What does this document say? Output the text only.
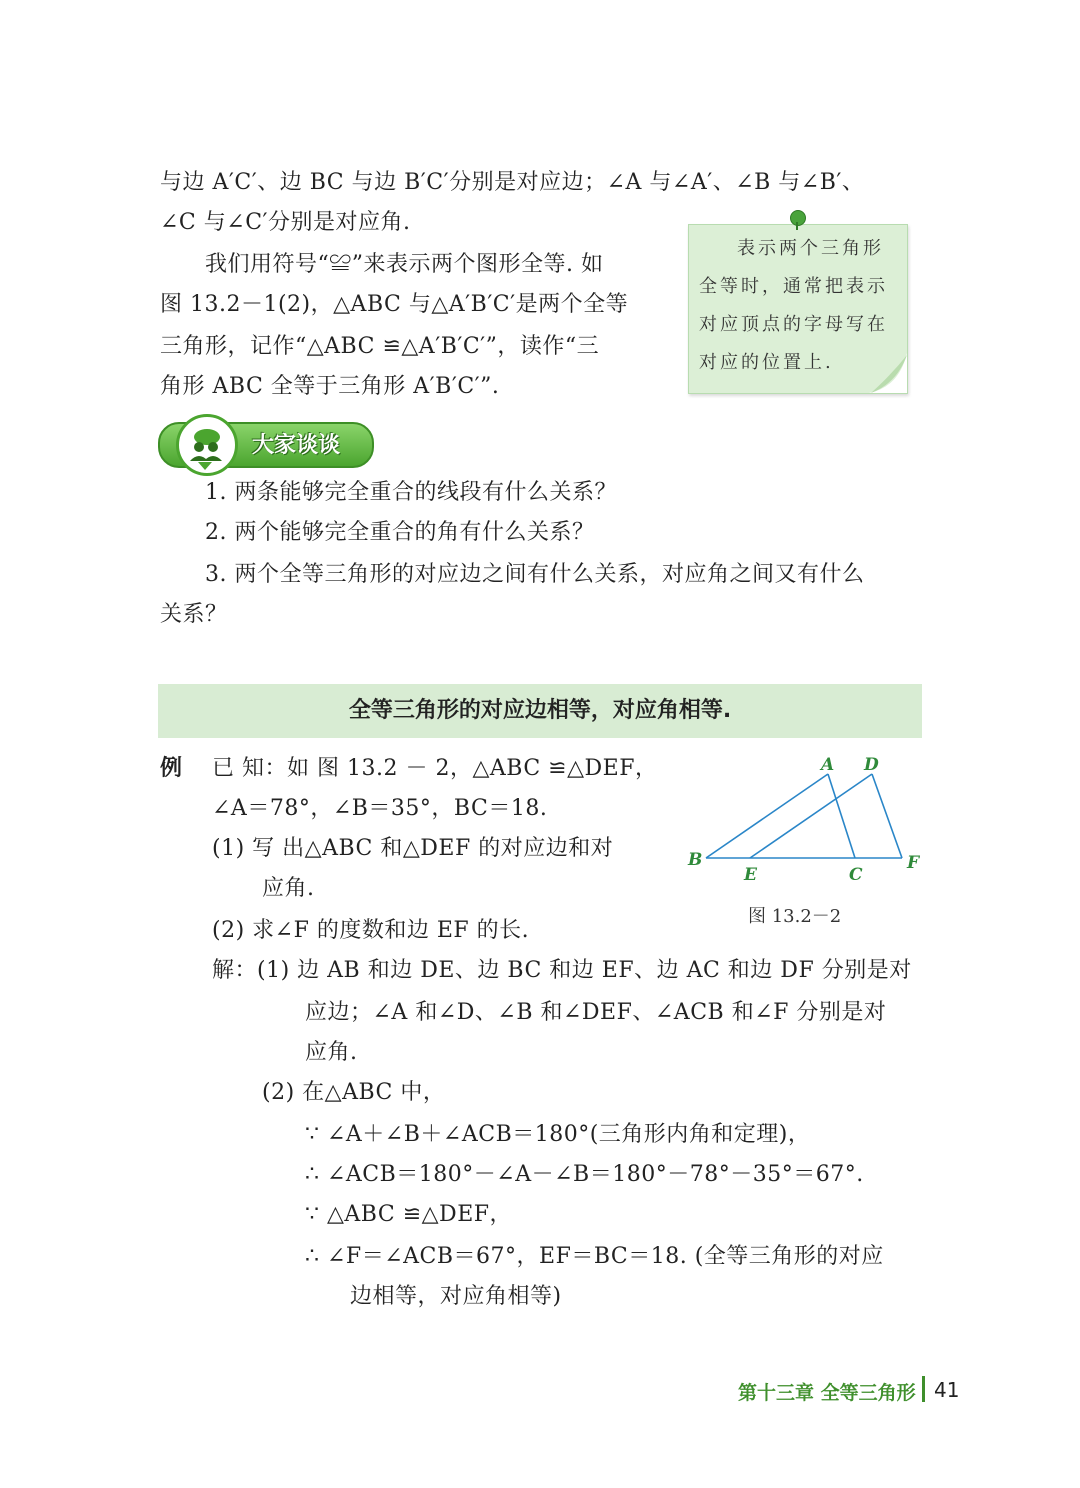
与边 A′C′、边 BC 与边 B′C′分别是对应边；∠A 与∠A′、∠B 与∠B′、
∠C 与∠C′分别是对应角.
我们用符号“≌”来表示两个图形全等. 如
图 13.2－1(2)，△ABC 与△A′B′C′是两个全等
三角形，记作“△ABC ≌△A′B′C′”，读作“三
角形 ABC 全等于三角形 A′B′C′”.
表示两个三角形
全等时，通常把表示
对应顶点的字母写在
对应的位置上.
大家谈谈
1. 两条能够完全重合的线段有什么关系？
2. 两个能够完全重合的角有什么关系？
3. 两个全等三角形的对应边之间有什么关系，对应角之间又有什么
关系？
全等三角形的对应边相等，对应角相等.
例 已 知：如 图 13.2 － 2，△ABC ≌△DEF，
∠A＝78°，∠B＝35°，BC＝18.
(1) 写 出△ABC 和△DEF 的对应边和对
应角.
(2) 求∠F 的度数和边 EF 的长.
A D
B
E	C
F
图 13.2－2
解：(1) 边 AB 和边 DE、边 BC 和边 EF、边 AC 和边 DF 分别是对
应边；∠A 和∠D、∠B 和∠DEF、∠ACB 和∠F 分别是对
应角.
(2) 在△ABC 中，
∵ ∠A＋∠B＋∠ACB＝180°(三角形内角和定理)，
∴ ∠ACB＝180°－∠A－∠B＝180°－78°－35°＝67°.
∵ △ABC ≌△DEF，
∴ ∠F＝∠ACB＝67°，EF＝BC＝18. (全等三角形的对应
边相等，对应角相等)
第十三章 全等三角形 41
